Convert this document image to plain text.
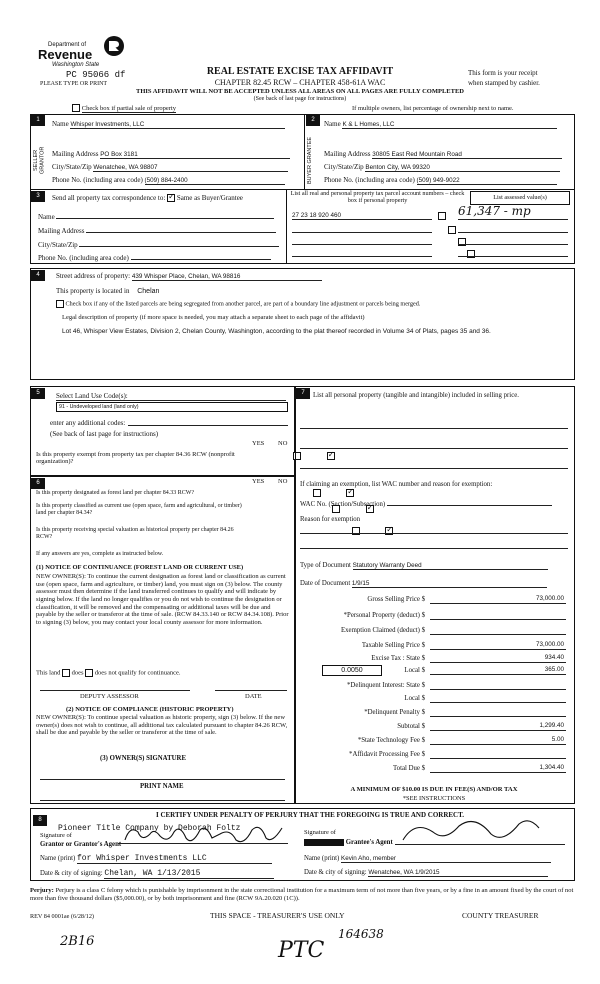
Department of
Revenue
Washington State
PC 95066 df
PLEASE TYPE OR PRINT
REAL ESTATE EXCISE TAX AFFIDAVIT
CHAPTER 82.45 RCW – CHAPTER 458-61A WAC
THIS AFFIDAVIT WILL NOT BE ACCEPTED UNLESS ALL AREAS ON ALL PAGES ARE FULLY COMPLETED
(See back of last page for instructions)
This form is your receipt
when stamped by cashier.
Check box if partial sale of property	If multiple owners, list percentage of ownership next to name.
1
SELLER GRANTOR
Name Whisper Investments, LLC
Mailing Address PO Box 3181
City/State/Zip Wenatchee, WA 98807
Phone No. (including area code) (509) 884-2400
2
BUYER GRANTEE
Name K & L Homes, LLC
Mailing Address 30805 East Red Mountain Road
City/State/Zip Benton City, WA 99320
Phone No. (including area code) (509) 949-9022
3	Send all property tax correspondence to: ✓ Same as Buyer/Grantee
Name
Mailing Address
City/State/Zip
Phone No. (including area code)
List all real and personal property tax parcel account numbers – check box if personal property	List assessed value(s)
27 23 18 920 460
	61,347 - mp

4	Street address of property: 439 Whisper Place, Chelan, WA 98816
This property is located in Chelan
Check box if any of the listed parcels are being segregated from another parcel, are part of a boundary line adjustment or parcels being merged.
Legal description of property (if more space is needed, you may attach a separate sheet to each page of the affidavit)
Lot 46, Whisper View Estates, Division 2, Chelan County, Washington, according to the plat thereof recorded in Volume 34 of Plats, pages 35 and 36.
5	Select Land Use Code(s):
91 - Undeveloped land (land only)
enter any additional codes:
(See back of last page for instructions)
YES NO
Is this property exempt from property tax per chapter 84.36 RCW (nonprofit organization)?
✓
6	YES NO
Is this property designated as forest land per chapter 84.33 RCW?
✓
Is this property classified as current use (open space, farm and agricultural, or timber) land per chapter 84.34?
✓
Is this property receiving special valuation as historical property per chapter 84.26 RCW?
✓
If any answers are yes, complete as instructed below.
(1) NOTICE OF CONTINUANCE (FOREST LAND OR CURRENT USE)
NEW OWNER(S): To continue the current designation as forest land or classification as current use (open space, farm and agriculture, or timber) land, you must sign on (3) below. The county assessor must then determine if the land transferred continues to qualify and will indicate by signing below. If the land no longer qualifies or you do not wish to continue the designation or classification, it will be removed and the compensating or additional taxes will be due and payable by the seller or transferor at the time of sale. (RCW 84.33.140 or RCW 84.34.108). Prior to signing (3) below, you may contact your local county assessor for more information.
This land does does not qualify for continuance.
DEPUTY ASSESSOR	DATE
(2) NOTICE OF COMPLIANCE (HISTORIC PROPERTY)
NEW OWNER(S): To continue special valuation as historic property, sign (3) below. If the new owner(s) does not wish to continue, all additional tax calculated pursuant to chapter 84.26 RCW, shall be due and payable by the seller or transferor at the time of sale.
(3) OWNER(S) SIGNATURE
PRINT NAME
7	List all personal property (tangible and intangible) included in selling price.
If claiming an exemption, list WAC number and reason for exemption:
WAC No. (Section/Subsection)
Reason for exemption
Type of Document Statutory Warranty Deed
Date of Document 1/9/15
Gross Selling Price $	73,000.00
*Personal Property (deduct) $
Exemption Claimed (deduct) $
Taxable Selling Price $	73,000.00
Excise Tax : State $	934.40
0.0050	Local $	365.00
*Delinquent Interest: State $
Local $
*Delinquent Penalty $
Subtotal $	1,299.40
*State Technology Fee $	5.00
*Affidavit Processing Fee $
Total Due $	1,304.40
A MINIMUM OF $10.00 IS DUE IN FEE(S) AND/OR TAX
*SEE INSTRUCTIONS
8
I CERTIFY UNDER PENALTY OF PERJURY THAT THE FOREGOING IS TRUE AND CORRECT.
Pioneer Title Company by Deborah Foltz
Signature of
Grantor or Grantor's Agent
Name (print) for Whisper Investments LLC
Date & city of signing: Chelan, WA 1/13/2015
Signature of
Grantee's Agent
Name (print) Kevin Aho, member
Date & city of signing: Wenatchee, WA 1/9/2015
Perjury: Perjury is a class C felony which is punishable by imprisonment in the state correctional institution for a maximum term of not more than five years, or by a fine in an amount fixed by the court of not more than five thousand dollars ($5,000.00), or by both imprisonment and fine (RCW 9A.20.020 (1C)).
REV 84 0001ae (6/28/12)	THIS SPACE - TREASURER'S USE ONLY	COUNTY TREASURER
2B16	PTC
164638
